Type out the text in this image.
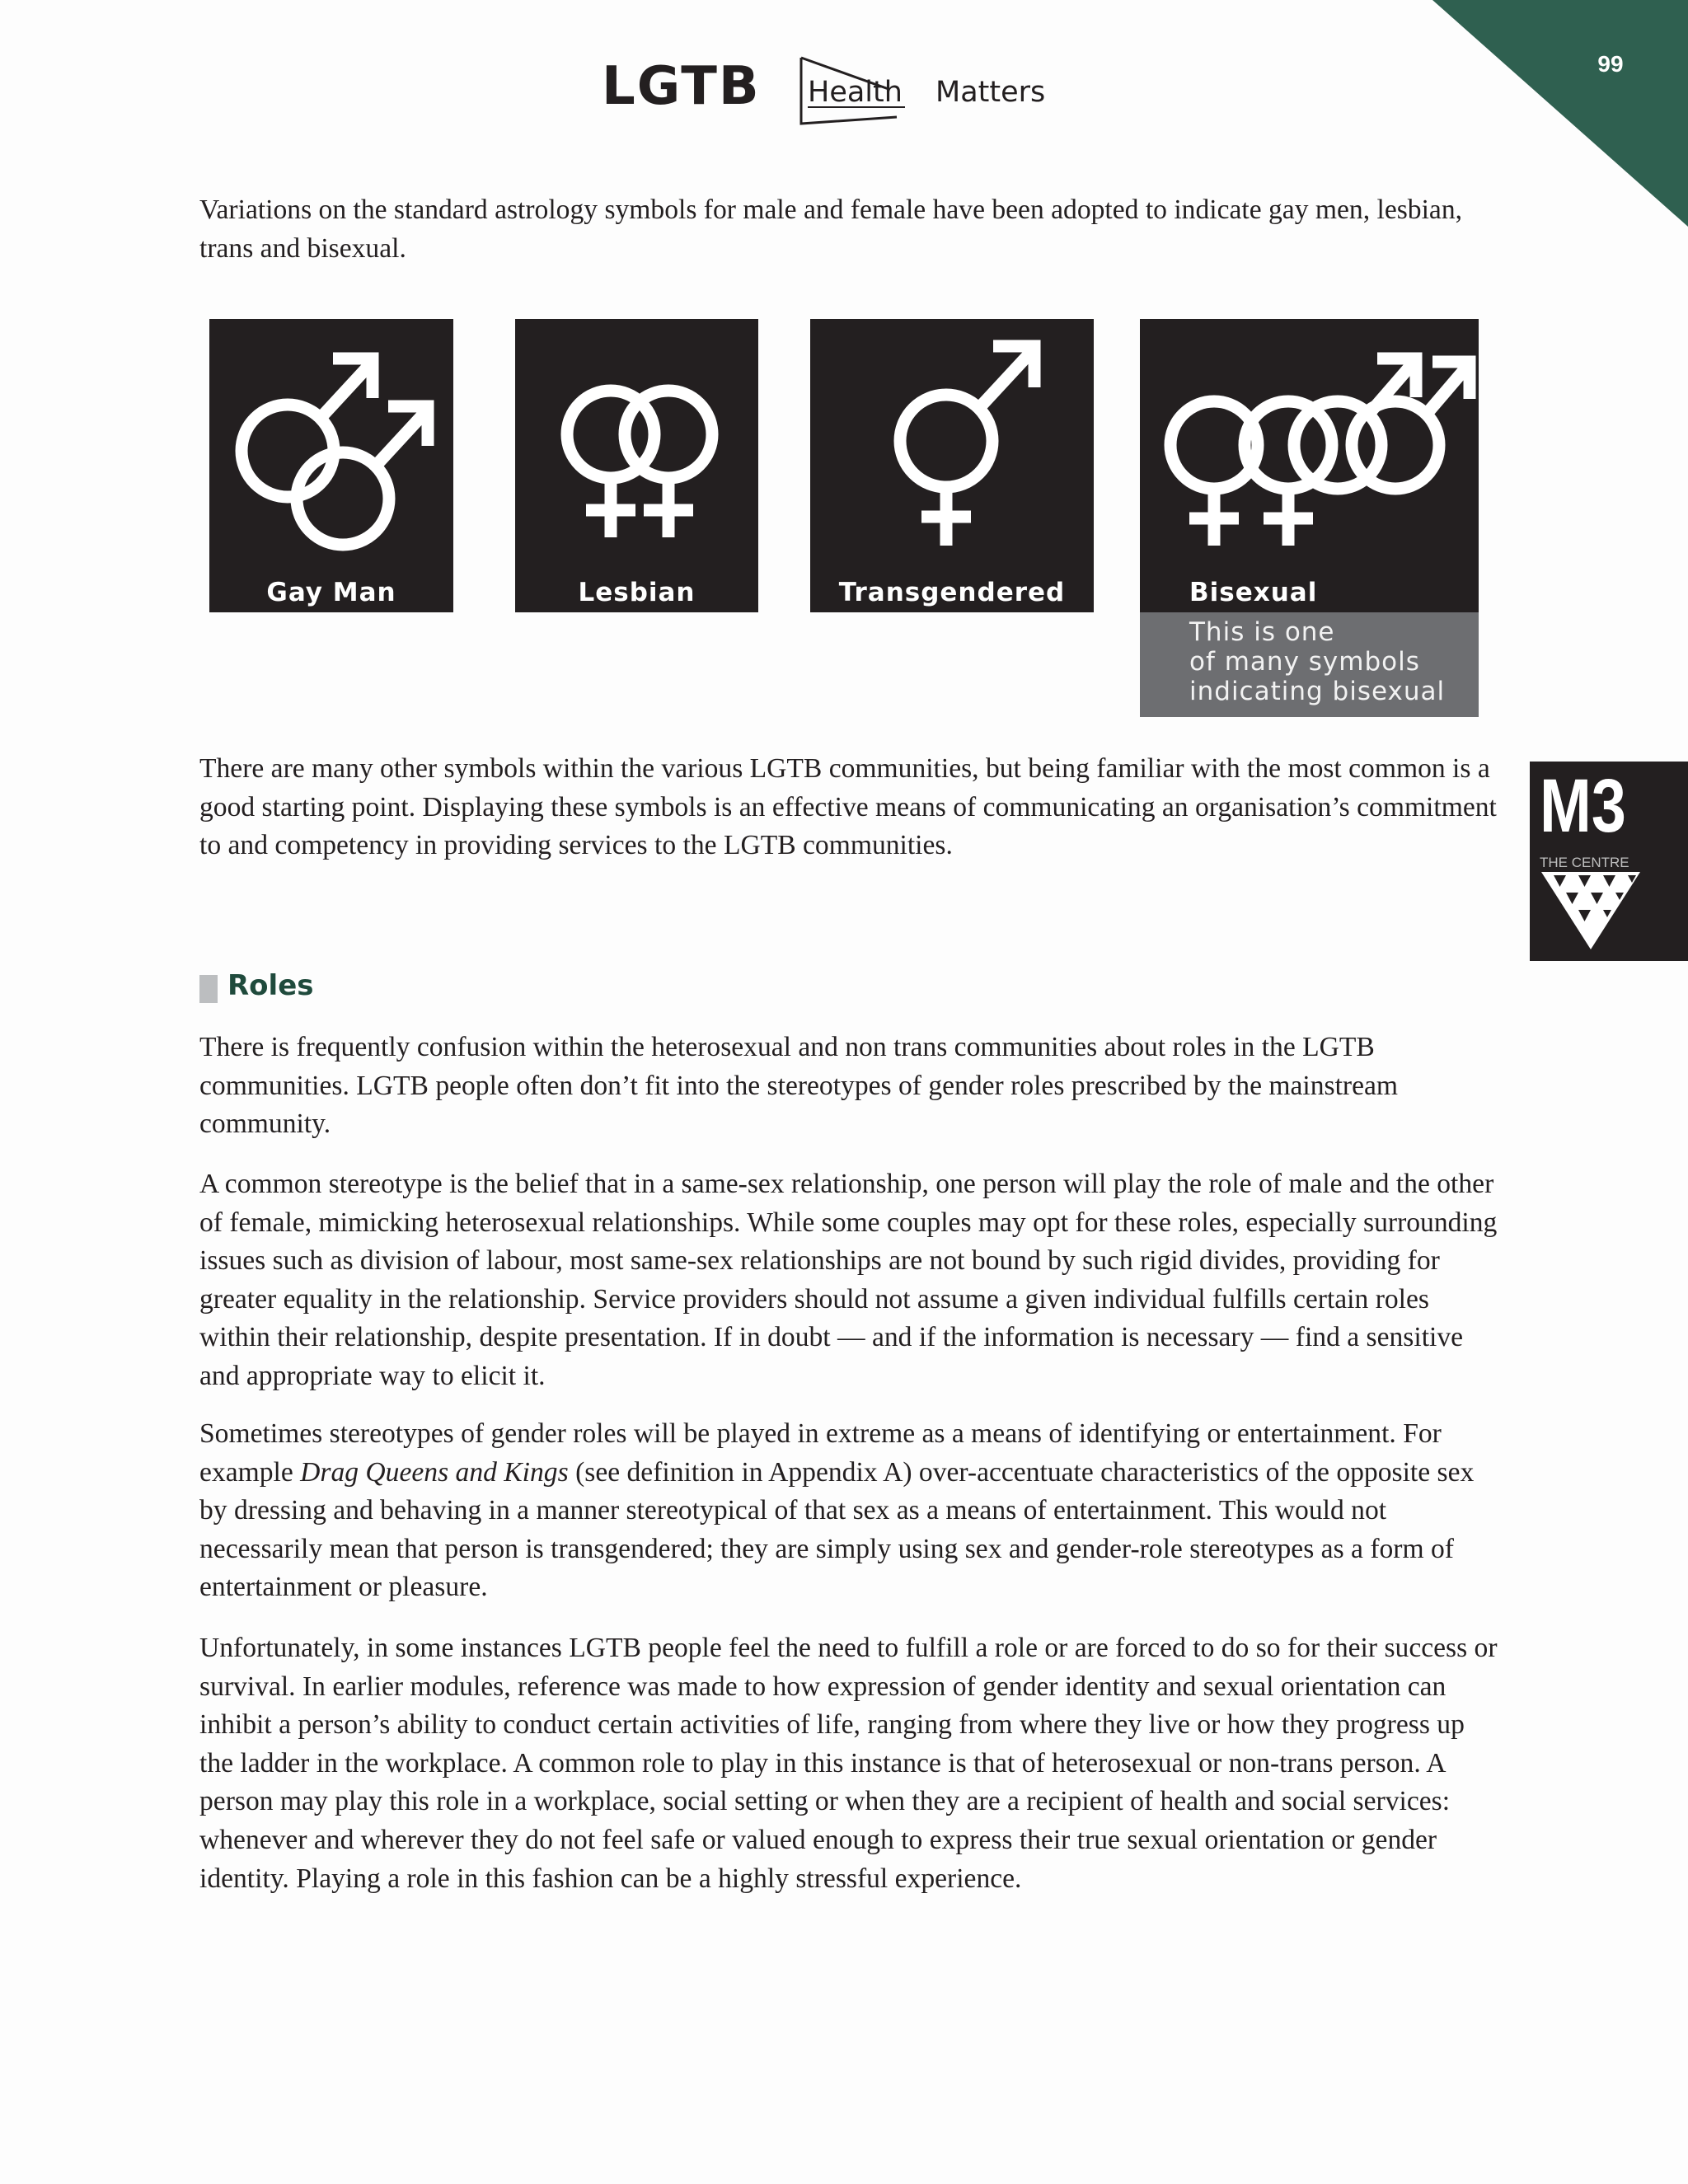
99
LGTB Health Matters

Variations on the standard astrology symbols for male and female have been adopted to indicate gay men, lesbian, trans and bisexual.

Gay Man	Lesbian	Transgendered	Bisexual
This is one
of many symbols
indicating bisexual

There are many other symbols within the various LGTB communities, but being familiar with the most common is a good starting point. Displaying these symbols is an effective means of communicating an organisation’s commitment to and competency in providing services to the LGTB communities.	M3
THE CENTRE
Roles

There is frequently confusion within the heterosexual and non trans communities about roles in the LGTB communities. LGTB people often don’t fit into the stereotypes of gender roles prescribed by the mainstream community.

A common stereotype is the belief that in a same-sex relationship, one person will play the role of male and the other of female, mimicking heterosexual relationships. While some couples may opt for these roles, especially surrounding issues such as division of labour, most same-sex relationships are not bound by such rigid divides, providing for greater equality in the relationship. Service providers should not assume a given individual fulfills certain roles within their relationship, despite presentation. If in doubt — and if the information is necessary — find a sensitive and appropriate way to elicit it.

Sometimes stereotypes of gender roles will be played in extreme as a means of identifying or entertainment. For example Drag Queens and Kings (see definition in Appendix A) over-accentuate characteristics of the opposite sex by dressing and behaving in a manner stereotypical of that sex as a means of entertainment. This would not necessarily mean that person is transgendered; they are simply using sex and gender-role stereotypes as a form of entertainment or pleasure.

Unfortunately, in some instances LGTB people feel the need to fulfill a role or are forced to do so for their success or survival. In earlier modules, reference was made to how expression of gender identity and sexual orientation can inhibit a person’s ability to conduct certain activities of life, ranging from where they live or how they progress up the ladder in the workplace. A common role to play in this instance is that of heterosexual or non-trans person. A person may play this role in a workplace, social setting or when they are a recipient of health and social services: whenever and wherever they do not feel safe or valued enough to express their true sexual orientation or gender identity. Playing a role in this fashion can be a highly stressful experience.
